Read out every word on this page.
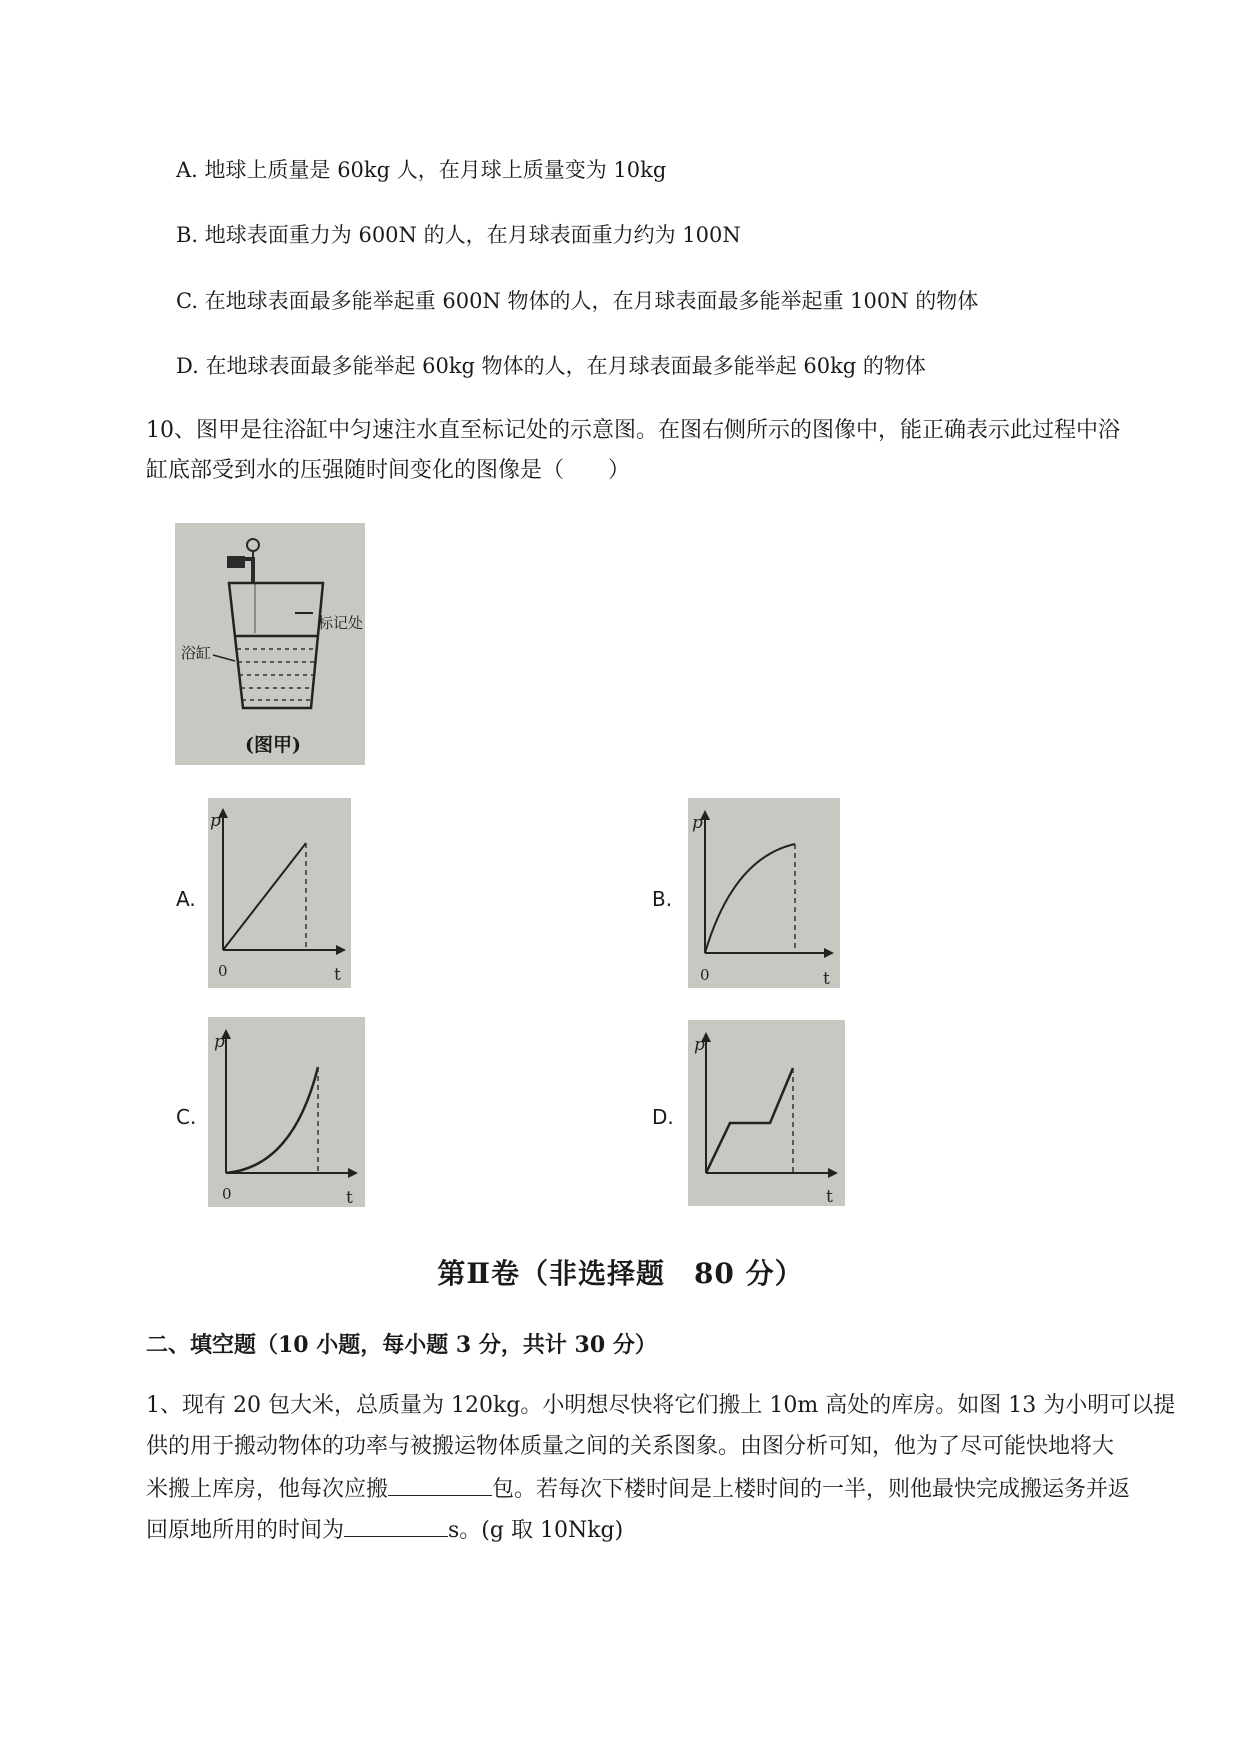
A. 地球上质量是 60kg 人，在月球上质量变为 10kg
B. 地球表面重力为 600N 的人，在月球表面重力约为 100N
C. 在地球表面最多能举起重 600N 物体的人，在月球表面最多能举起重 100N 的物体
D. 在地球表面最多能举起 60kg 物体的人，在月球表面最多能举起 60kg 的物体
10、图甲是往浴缸中匀速注水直至标记处的示意图。在图右侧所示的图像中，能正确表示此过程中浴
缸底部受到水的压强随时间变化的图像是（　　）
标记处
浴缸
(图甲)
A.
p
t
0
B.
p
t
0
C.
p
t
0
D.
p
t
第Ⅱ卷（非选择题　80 分）
二、填空题（10 小题，每小题 3 分，共计 30 分）
1、现有 20 包大米，总质量为 120kg。小明想尽快将它们搬上 10m 高处的库房。如图 13 为小明可以提
供的用于搬动物体的功率与被搬运物体质量之间的关系图象。由图分析可知，他为了尽可能快地将大
米搬上库房，他每次应搬	包。若每次下楼时间是上楼时间的一半，则他最快完成搬运务并返
回原地所用的时间为	s。(g 取 10Nkg)
